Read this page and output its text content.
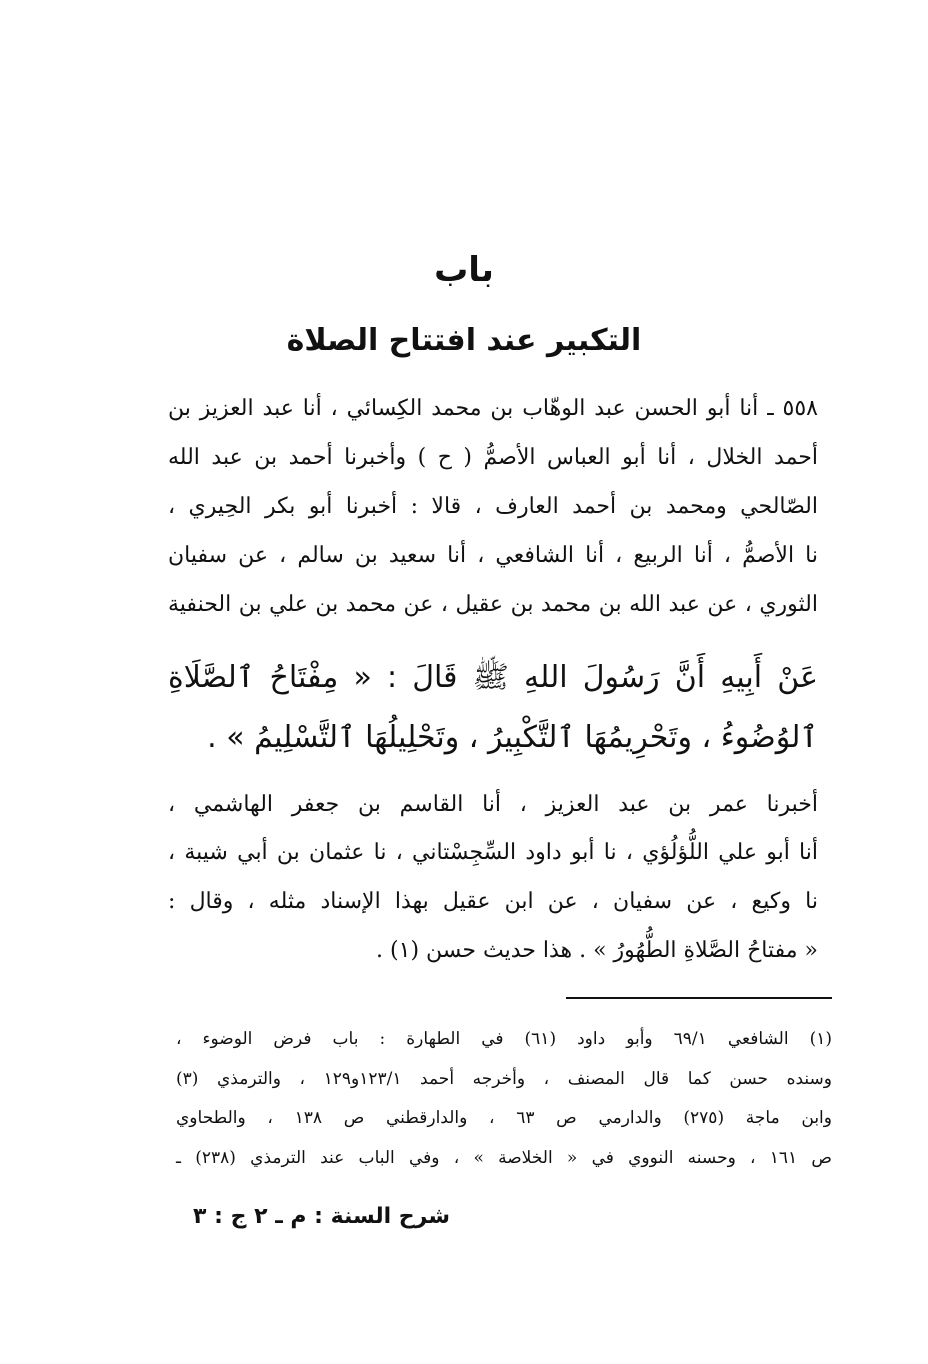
باب
التكبير عند افتتاح الصلاة
٥٥٨ ـ أنا أبو الحسن عبد الوهّاب بن محمد الكِسائي ، أنا عبد العزيز بن
أحمد الخلال ، أنا أبو العباس الأصمُّ ( ح ) وأخبرنا أحمد بن عبد الله
الصّالحي ومحمد بن أحمد العارف ، قالا : أخبرنا أبو بكر الحِيري ،
نا الأصمُّ ، أنا الربيع ، أنا الشافعي ، أنا سعيد بن سالم ، عن سفيان
الثوري ، عن عبد الله بن محمد بن عقيل ، عن محمد بن علي بن الحنفية
عَنْ أَبِيهِ أَنَّ رَسُولَ اللهِ ﷺ قَالَ : « مِفْتَاحُ ٱلصَّلَاةِ
ٱلوُضُوءُ ، وتَحْرِيمُهَا ٱلتَّكْبِيرُ ، وتَحْلِيلُهَا ٱلتَّسْلِيمُ » .
أخبرنا عمر بن عبد العزيز ، أنا القاسم بن جعفر الهاشمي ،
أنا أبو علي اللُّؤلُؤي ، نا أبو داود السِّجِسْتاني ، نا عثمان بن أبي شيبة ،
نا وكيع ، عن سفيان ، عن ابن عقيل بهذا الإسناد مثله ، وقال :
« مفتاحُ الصَّلاةِ الطُّهُورُ » . هذا حديث حسن (١) .
(١) الشافعي ٦٩/١ وأبو داود (٦١) في الطهارة : باب فرض الوضوء ،
وسنده حسن كما قال المصنف ، وأخرجه أحمد ١٢٣/١و١٢٩ ، والترمذي (٣)
وابن ماجة (٢٧٥) والدارمي ص ٦٣ ، والدارقطني ص ١٣٨ ، والطحاوي
ص ١٦١ ، وحسنه النووي في « الخلاصة » ، وفي الباب عند الترمذي (٢٣٨) ـ
شرح السنة : م ـ ٢ ج : ٣
